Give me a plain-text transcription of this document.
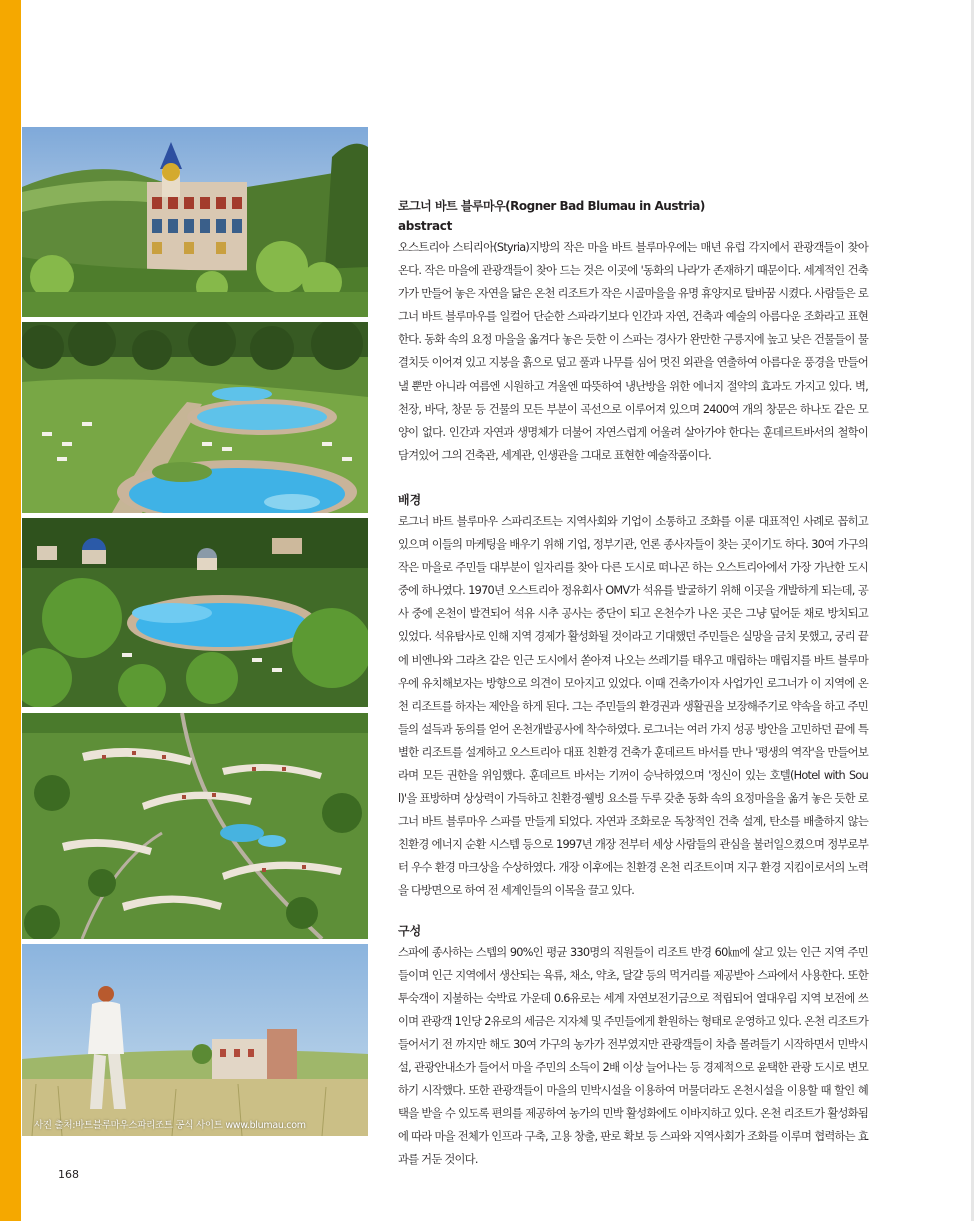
사진 출처:바트블루마우스파리조트 공식 사이트 www.blumau.com

로그너 바트 블루마우(Rogner Bad Blumau in Austria)

abstract

오스트리아 스티리아(Styria)지방의 작은 마을 바트 블루마우에는 매년 유럽 각지에서 관광객들이 찾아온다. 작은 마을에 관광객들이 찾아 드는 것은 이곳에 '동화의 나라'가 존재하기 때문이다. 세계적인 건축가가 만들어 놓은 자연을 닮은 온천 리조트가 작은 시골마을을 유명 휴양지로 탈바꿈 시켰다. 사람들은 로그너 바트 블루마우를 일컬어 단순한 스파라기보다 인간과 자연, 건축과 예술의 아름다운 조화라고 표현한다. 동화 속의 요정 마을을 옮겨다 놓은 듯한 이 스파는 경사가 완만한 구릉지에 높고 낮은 건물들이 물결치듯 이어져 있고 지붕을 흙으로 덮고 풀과 나무를 심어 멋진 외관을 연출하여 아름다운 풍경을 만들어 낼 뿐만 아니라 여름엔 시원하고 겨울엔 따뜻하여 냉난방을 위한 에너지 절약의 효과도 가지고 있다. 벽, 천장, 바닥, 창문 등 건물의 모든 부분이 곡선으로 이루어져 있으며 2400여 개의 창문은 하나도 같은 모양이 없다. 인간과 자연과 생명체가 더불어 자연스럽게 어울려 살아가야 한다는 훈데르트바서의 철학이 담겨있어 그의 건축관, 세계관, 인생관을 그대로 표현한 예술작품이다.

배경

로그너 바트 블루마우 스파리조트는 지역사회와 기업이 소통하고 조화를 이룬 대표적인 사례로 꼽히고 있으며 이들의 마케팅을 배우기 위해 기업, 정부기관, 언론 종사자들이 찾는 곳이기도 하다. 30여 가구의 작은 마을로 주민들 대부분이 일자리를 찾아 다른 도시로 떠나곤 하는 오스트리아에서 가장 가난한 도시 중에 하나였다. 1970년 오스트리아 정유회사 OMV가 석유를 발굴하기 위해 이곳을 개발하게 되는데, 공사 중에 온천이 발견되어 석유 시추 공사는 중단이 되고 온천수가 나온 곳은 그냥 덮어둔 채로 방치되고 있었다. 석유탐사로 인해 지역 경제가 활성화될 것이라고 기대했던 주민들은 실망을 금치 못했고, 궁리 끝에 비엔나와 그라츠 같은 인근 도시에서 쏟아져 나오는 쓰레기를 태우고 매립하는 매립지를 바트 블루마우에 유치해보자는 방향으로 의견이 모아지고 있었다. 이때 건축가이자 사업가인 로그너가 이 지역에 온천 리조트를 하자는 제안을 하게 된다. 그는 주민들의 환경권과 생활권을 보장해주기로 약속을 하고 주민들의 설득과 동의를 얻어 온천개발공사에 착수하였다. 로그너는 여러 가지 성공 방안을 고민하던 끝에 특별한 리조트를 설계하고 오스트리아 대표 친환경 건축가 훈데르트 바서를 만나 '평생의 역작'을 만들어보라며 모든 권한을 위임했다. 훈데르트 바서는 기꺼이 승낙하였으며 '정신이 있는 호텔(Hotel with Soul)'을 표방하며 상상력이 가득하고 친환경·웰빙 요소를 두루 갖춘 동화 속의 요정마을을 옮겨 놓은 듯한 로그너 바트 블루마우 스파를 만들게 되었다. 자연과 조화로운 독창적인 건축 설계, 탄소를 배출하지 않는 친환경 에너지 순환 시스템 등으로 1997년 개장 전부터 세상 사람들의 관심을 불러일으켰으며 정부로부터 우수 환경 마크상을 수상하였다. 개장 이후에는 친환경 온천 리조트이며 지구 환경 지킴이로서의 노력을 다방면으로 하여 전 세계인들의 이목을 끌고 있다.

구성

스파에 종사하는 스텝의 90%인 평균 330명의 직원들이 리조트 반경 60㎞에 살고 있는 인근 지역 주민들이며 인근 지역에서 생산되는 육류, 채소, 약초, 달걀 등의 먹거리를 제공받아 스파에서 사용한다. 또한 투숙객이 지불하는 숙박료 가운데 0.6유로는 세계 자연보전기금으로 적립되어 열대우림 지역 보전에 쓰이며 관광객 1인당 2유로의 세금은 지자체 및 주민들에게 환원하는 형태로 운영하고 있다. 온천 리조트가 들어서기 전 까지만 해도 30여 가구의 농가가 전부였지만 관광객들이 차츰 몰려들기 시작하면서 민박시설, 관광안내소가 들어서 마을 주민의 소득이 2배 이상 늘어나는 등 경제적으로 윤택한 관광 도시로 변모하기 시작했다. 또한 관광객들이 마을의 민박시설을 이용하여 머물더라도 온천시설을 이용할 때 할인 혜택을 받을 수 있도록 편의를 제공하여 농가의 민박 활성화에도 이바지하고 있다. 온천 리조트가 활성화됨에 따라 마을 전체가 인프라 구축, 고용 창출, 판로 확보 등 스파와 지역사회가 조화를 이루며 협력하는 효과를 거둔 것이다.

168
